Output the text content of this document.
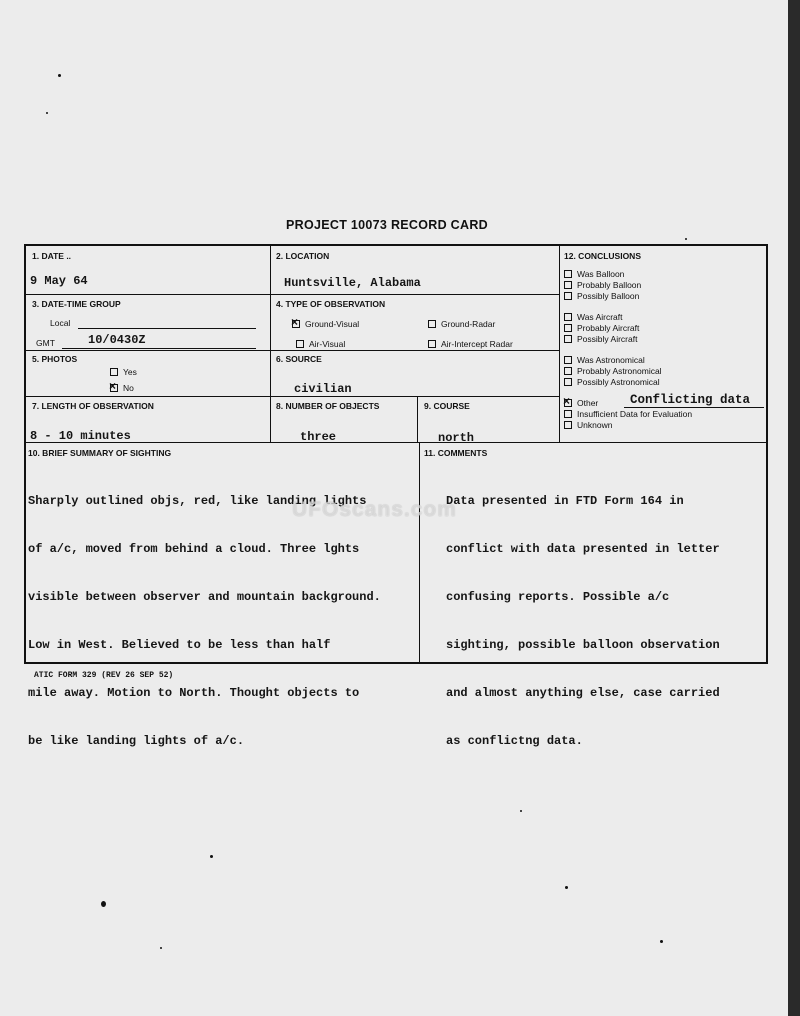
PROJECT 10073 RECORD CARD
1. DATE ..
9 May 64
2. LOCATION
Huntsville, Alabama
3. DATE-TIME GROUP
Local
GMT	10/0430Z
4. TYPE OF OBSERVATION
×Ground-Visual	Ground-Radar
Air-Visual	Air-Intercept Radar
5. PHOTOS
Yes
×No
6. SOURCE
civilian
7. LENGTH OF OBSERVATION
8 - 10 minutes
8. NUMBER OF OBJECTS
three
9. COURSE
north
12. CONCLUSIONS
Was Balloon
Probably Balloon
Possibly Balloon
Was Aircraft
Probably Aircraft
Possibly Aircraft
Was Astronomical
Probably Astronomical
Possibly Astronomical
×Other	Conflicting data
Insufficient Data for Evaluation
Unknown
10. BRIEF SUMMARY OF SIGHTING

Sharply outlined objs, red, like landing lights

of a/c, moved from behind a cloud. Three lghts

visible between observer and mountain background.

Low in West. Believed to be less than half

mile away. Motion to North. Thought objects to

be like landing lights of a/c.

11. COMMENTS

Data presented in FTD Form 164 in

conflict with data presented in letter

confusing reports. Possible a/c

sighting, possible balloon observation

and almost anything else, case carried

as conflictng data.

UFOscans.com
ATIC FORM 329 (REV 26 SEP 52)
